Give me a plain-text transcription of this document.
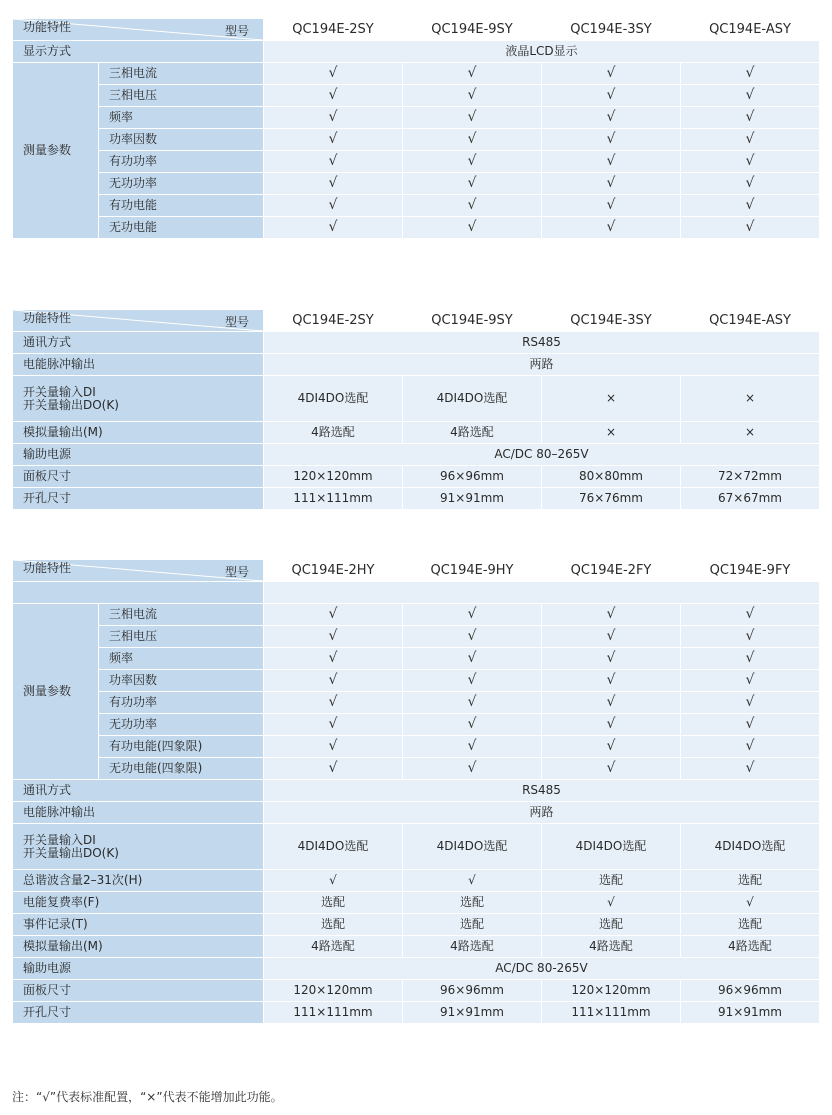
功能特性 型号		QC194E-2SY	QC194E-9SY	QC194E-3SY	QC194E-ASY
显示方式		液晶LCD显示			
测量参数	三相电流	√	√	√	√
	三相电压	√	√	√	√
	频率	√	√	√	√
	功率因数	√	√	√	√
	有功功率	√	√	√	√
	无功功率	√	√	√	√
	有功电能	√	√	√	√
	无功电能	√	√	√	√
功能特性 型号	QC194E-2SY	QC194E-9SY	QC194E-3SY	QC194E-ASY
通讯方式	RS485			
电能脉冲输出	两路			

开关量输入DI
开关量输出DO(K)	4DI4DO选配	4DI4DO选配	×	×
模拟量输出(M)	4路选配	4路选配	×	×
输助电源	AC/DC 80–265V			
面板尺寸	120×120mm	96×96mm	80×80mm	72×72mm
开孔尺寸	111×111mm	91×91mm	76×76mm	67×67mm
功能特性 型号		QC194E-2HY	QC194E-9HY	QC194E-2FY	QC194E-9FY

测量参数	三相电流	√	√	√	√
	三相电压	√	√	√	√
	频率	√	√	√	√
	功率因数	√	√	√	√
	有功功率	√	√	√	√
	无功功率	√	√	√	√
	有功电能(四象限)	√	√	√	√
	无功电能(四象限)	√	√	√	√
通讯方式		RS485			
电能脉冲输出		两路			

开关量输入DI
开关量输出DO(K)		4DI4DO选配	4DI4DO选配	4DI4DO选配	4DI4DO选配
总谐波含量2–31次(H)		√	√	选配	选配
电能复费率(F)		选配	选配	√	√
事件记录(T)		选配	选配	选配	选配
模拟量输出(M)		4路选配	4路选配	4路选配	4路选配
输助电源		AC/DC 80-265V			
面板尺寸		120×120mm	96×96mm	120×120mm	96×96mm
开孔尺寸		111×111mm	91×91mm	111×111mm	91×91mm
注：“√”代表标准配置，“×”代表不能增加此功能。
